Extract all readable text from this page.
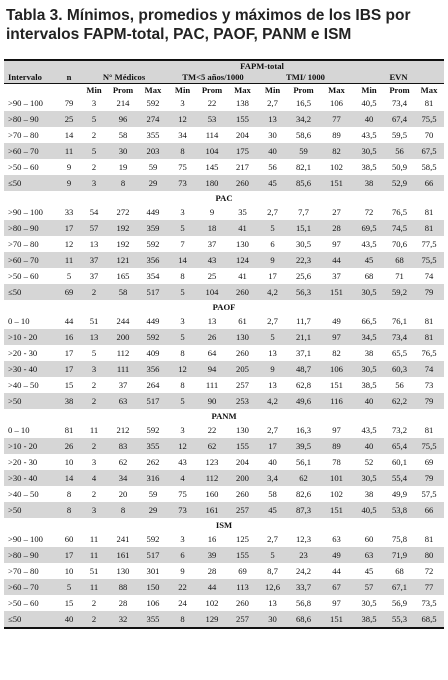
Tabla 3. Mínimos, promedios y máximos de los IBS por intervalos FAPM-total, PAC, PAOF, PANM e ISM
		FAPM-total											
Intervalo	n	N° Médicos			TM<5 años/1000			TMI/ 1000			EVN		
		Min	Prom	Max	Min	Prom	Max	Min	Prom	Max	Min	Prom	Max
>90 – 100	79	3	214	592	3	22	138	2,7	16,5	106	40,5	73,4	81
>80 – 90	25	5	96	274	12	53	155	13	34,2	77	40	67,4	75,5
>70 – 80	14	2	58	355	34	114	204	30	58,6	89	43,5	59,5	70
>60 – 70	11	5	30	203	8	104	175	40	59	82	30,5	56	67,5
>50 – 60	9	2	19	59	75	145	217	56	82,1	102	38,5	50,9	58,5
≤50	9	3	8	29	73	180	260	45	85,6	151	38	52,9	66
PAC													
>90 – 100	33	54	272	449	3	9	35	2,7	7,7	27	72	76,5	81
>80 – 90	17	57	192	359	5	18	41	5	15,1	28	69,5	74,5	81
>70 – 80	12	13	192	592	7	37	130	6	30,5	97	43,5	70,6	77,5
>60 – 70	11	37	121	356	14	43	124	9	22,3	44	45	68	75,5
>50 – 60	5	37	165	354	8	25	41	17	25,6	37	68	71	74
≤50	69	2	58	517	5	104	260	4,2	56,3	151	30,5	59,2	79
PAOF													
0 – 10	44	51	244	449	3	13	61	2,7	11,7	49	66,5	76,1	81
>10 - 20	16	13	200	592	5	26	130	5	21,1	97	34,5	73,4	81
>20 - 30	17	5	112	409	8	64	260	13	37,1	82	38	65,5	76,5
>30 - 40	17	3	111	356	12	94	205	9	48,7	106	30,5	60,3	74
>40 – 50	15	2	37	264	8	111	257	13	62,8	151	38,5	56	73
>50	38	2	63	517	5	90	253	4,2	49,6	116	40	62,2	79
PANM													
0 – 10	81	11	212	592	3	22	130	2,7	16,3	97	43,5	73,2	81
>10 - 20	26	2	83	355	12	62	155	17	39,5	89	40	65,4	75,5
>20 - 30	10	3	62	262	43	123	204	40	56,1	78	52	60,1	69
>30 - 40	14	4	34	316	4	112	200	3,4	62	101	30,5	55,4	79
>40 – 50	8	2	20	59	75	160	260	58	82,6	102	38	49,9	57,5
>50	8	3	8	29	73	161	257	45	87,3	151	40,5	53,8	66
ISM													
>90 – 100	60	11	241	592	3	16	125	2,7	12,3	63	60	75,8	81
>80 – 90	17	11	161	517	6	39	155	5	23	49	63	71,9	80
>70 – 80	10	51	130	301	9	28	69	8,7	24,2	44	45	68	72
>60 – 70	5	11	88	150	22	44	113	12,6	33,7	67	57	67,1	77
>50 – 60	15	2	28	106	24	102	260	13	56,8	97	30,5	56,9	73,5
≤50	40	2	32	355	8	129	257	30	68,6	151	38,5	55,3	68,5
